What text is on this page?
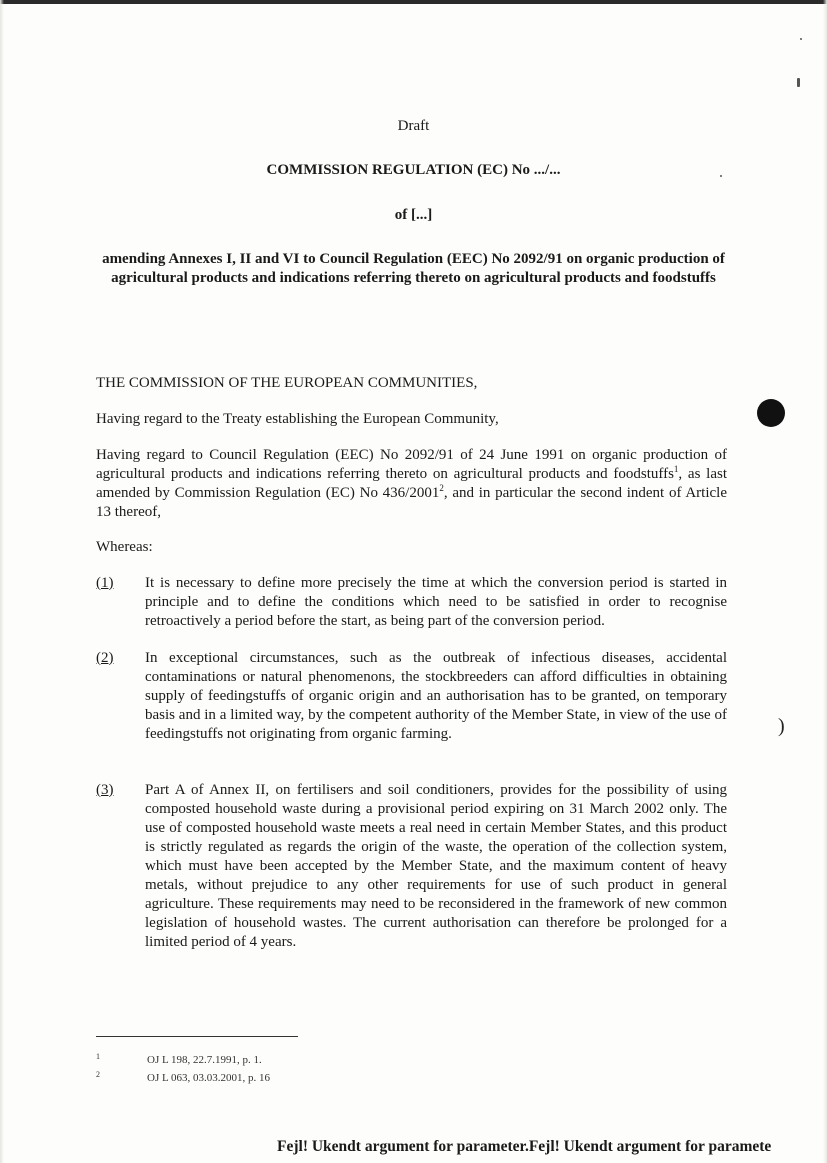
Draft
COMMISSION REGULATION (EC) No .../...
of [...]
amending Annexes I, II and VI to Council Regulation (EEC) No 2092/91 on organic production of agricultural products and indications referring thereto on agricultural products and foodstuffs

THE COMMISSION OF THE EUROPEAN COMMUNITIES,

Having regard to the Treaty establishing the European Community,

Having regard to Council Regulation (EEC) No 2092/91 of 24 June 1991 on organic production of agricultural products and indications referring thereto on agricultural products and foodstuffs$^1$, as last amended by Commission Regulation (EC) No 436/2001$^2$, and in particular the second indent of Article 13 thereof,

Whereas:

(1) It is necessary to define more precisely the time at which the conversion period is started in principle and to define the conditions which need to be satisfied in order to recognise retroactively a period before the start, as being part of the conversion period.
(2) In exceptional circumstances, such as the outbreak of infectious diseases, accidental contaminations or natural phenomenons, the stockbreeders can afford difficulties in obtaining supply of feedingstuffs of organic origin and an authorisation has to be granted, on temporary basis and in a limited way, by the competent authority of the Member State, in view of the use of feedingstuffs not originating from organic farming.
(3) Part A of Annex II, on fertilisers and soil conditioners, provides for the possibility of using composted household waste during a provisional period expiring on 31 March 2002 only. The use of composted household waste meets a real need in certain Member States, and this product is strictly regulated as regards the origin of the waste, the operation of the collection system, which must have been accepted by the Member State, and the maximum content of heavy metals, without prejudice to any other requirements for use of such product in general agriculture. These requirements may need to be reconsidered in the framework of new common legislation of household wastes. The current authorisation can therefore be prolonged for a limited period of 4 years.
1	OJ L 198, 22.7.1991, p. 1.
2	OJ L 063, 03.03.2001, p. 16
Fejl! Ukendt argument for parameter.Fejl! Ukendt argument for paramete
)
